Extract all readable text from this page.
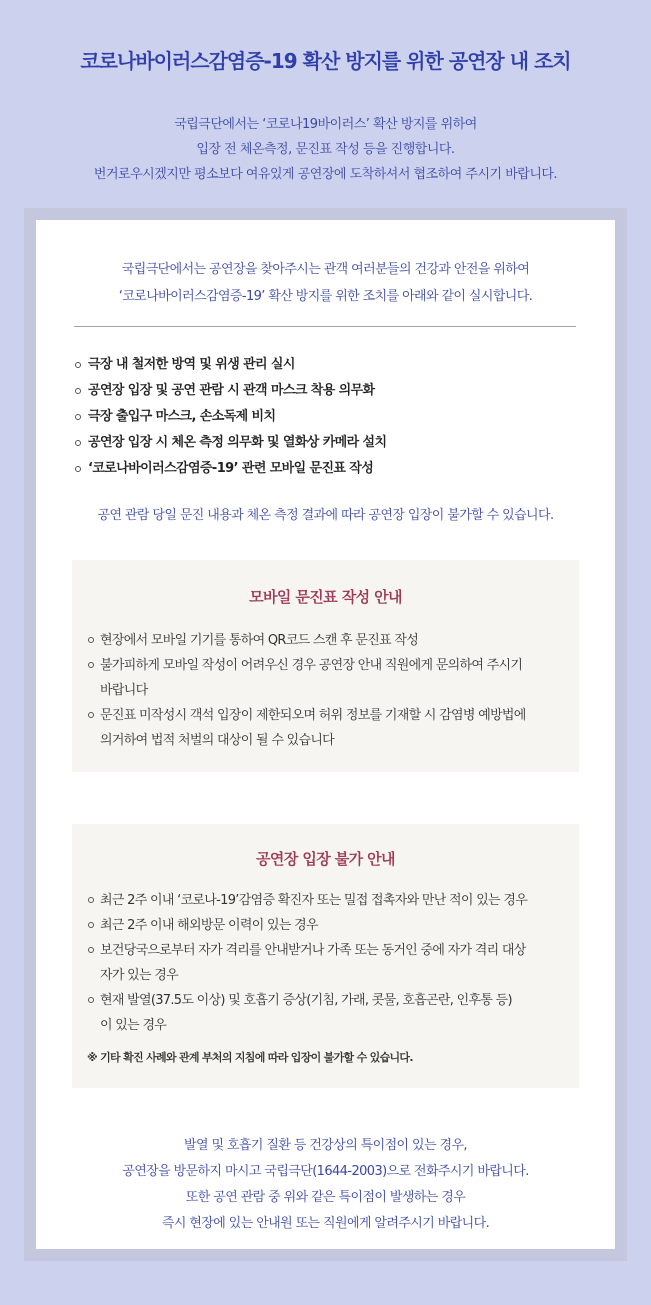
코로나바이러스감염증-19 확산 방지를 위한 공연장 내 조치
국립극단에서는 ‘코로나19바이러스’ 확산 방지를 위하여
입장 전 체온측정, 문진표 작성 등을 진행합니다.
번거로우시겠지만 평소보다 여유있게 공연장에 도착하셔서 협조하여 주시기 바랍니다.
국립극단에서는 공연장을 찾아주시는 관객 여러분들의 건강과 안전을 위하여
‘코로나바이러스감염증-19’ 확산 방지를 위한 조치를 아래와 같이 실시합니다.
극장 내 철저한 방역 및 위생 관리 실시
공연장 입장 및 공연 관람 시 관객 마스크 착용 의무화
극장 출입구 마스크, 손소독제 비치
공연장 입장 시 체온 측정 의무화 및 열화상 카메라 설치
‘코로나바이러스감염증-19’ 관련 모바일 문진표 작성
공연 관람 당일 문진 내용과 체온 측정 결과에 따라 공연장 입장이 불가할 수 있습니다.
모바일 문진표 작성 안내
현장에서 모바일 기기를 통하여 QR코드 스캔 후 문진표 작성
불가피하게 모바일 작성이 어려우신 경우 공연장 안내 직원에게 문의하여 주시기
바랍니다
문진표 미작성시 객석 입장이 제한되오며 허위 정보를 기재할 시 감염병 예방법에
의거하여 법적 처벌의 대상이 될 수 있습니다
공연장 입장 불가 안내
최근 2주 이내 ‘코로나-19’감염증 확진자 또는 밀접 접촉자와 만난 적이 있는 경우
최근 2주 이내 해외방문 이력이 있는 경우
보건당국으로부터 자가 격리를 안내받거나 가족 또는 동거인 중에 자가 격리 대상
자가 있는 경우
현재 발열(37.5도 이상) 및 호흡기 증상(기침, 가래, 콧물, 호흡곤란, 인후통 등)
이 있는 경우
※ 기타 확진 사례와 관계 부처의 지침에 따라 입장이 불가할 수 있습니다.
발열 및 호흡기 질환 등 건강상의 특이점이 있는 경우,
공연장을 방문하지 마시고 국립극단(1644-2003)으로 전화주시기 바랍니다.
또한 공연 관람 중 위와 같은 특이점이 발생하는 경우
즉시 현장에 있는 안내원 또는 직원에게 알려주시기 바랍니다.
